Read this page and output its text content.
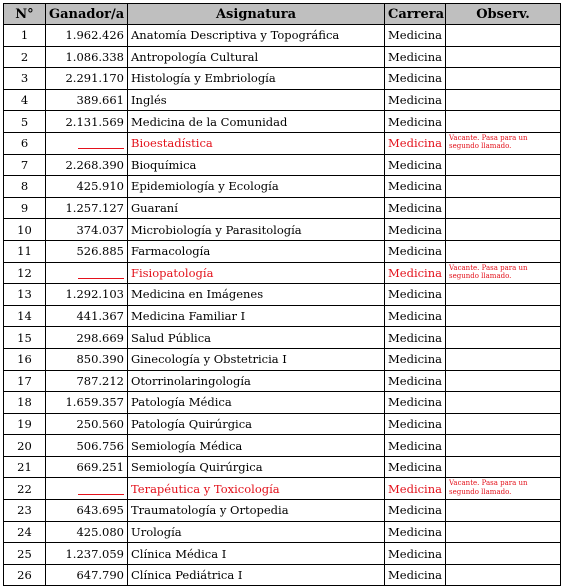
N°	Ganador/a	Asignatura	Carrera	Observ.
1	1.962.426	Anatomía Descriptiva y Topográfica	Medicina	
2	1.086.338	Antropología Cultural	Medicina	
3	2.291.170	Histología y Embriología	Medicina	
4	389.661	Inglés	Medicina	
5	2.131.569	Medicina de la Comunidad	Medicina	
6		Bioestadística	Medicina	Vacante. Pasa para un segundo llamado.
7	2.268.390	Bioquímica	Medicina	
8	425.910	Epidemiología y Ecología	Medicina	
9	1.257.127	Guaraní	Medicina	
10	374.037	Microbiología y Parasitología	Medicina	
11	526.885	Farmacología	Medicina	
12		Fisiopatología	Medicina	Vacante. Pasa para un segundo llamado.
13	1.292.103	Medicina en Imágenes	Medicina	
14	441.367	Medicina Familiar I	Medicina	
15	298.669	Salud Pública	Medicina	
16	850.390	Ginecología y Obstetricia I	Medicina	
17	787.212	Otorrinolaringología	Medicina	
18	1.659.357	Patología Médica	Medicina	
19	250.560	Patología Quirúrgica	Medicina	
20	506.756	Semiología Médica	Medicina	
21	669.251	Semiología Quirúrgica	Medicina	
22		Terapéutica y Toxicología	Medicina	Vacante. Pasa para un segundo llamado.
23	643.695	Traumatología y Ortopedia	Medicina	
24	425.080	Urología	Medicina	
25	1.237.059	Clínica Médica I	Medicina	
26	647.790	Clínica Pediátrica I	Medicina	
